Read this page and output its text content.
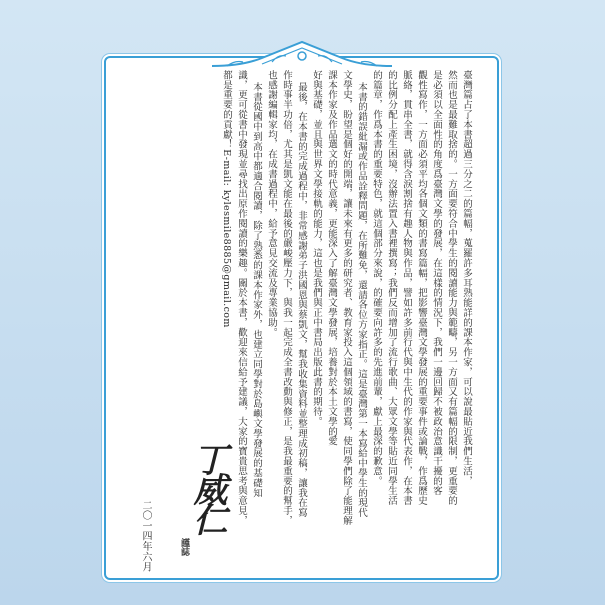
臺灣篇占了本書超過三分之二的篇幅，蒐羅許多耳熟能詳的課本作家，可以說最貼近我們生活，
然而也是最難取捨的。一方面要符合中學生的閱讀能力與範疇，另一方面又有篇幅的限制，更重要的
是必須以全面性的角度爲臺灣文學的發展，在這樣的情況下，我們一邊回歸不被政治意識干擾的客
觀性寫作，一方面必須平均各個文類的書寫篇幅，把影響臺灣文學發展的重要事件或論戰，作爲歷史
脈絡，貫串全書，就得含淚割捨有趣人物與作品，譬如許多前行代與中生代的作家與代表作，在本書
的比例分配上產生困境，沒辦法置入書裡撰寫；我們反而增加了流行歌曲、大眾文學等貼近同學生活
的篇章，作爲本書的重要特色，就這個部分來說，的確要向許多的先進前輩，獻上最深的歉意。
本書的錯誤紕漏或作品詮釋問題，在所難免，還請各位方家指正。這是臺灣第一本寫給中學生的現代
文學史，盼望是個好的開端，讓未來有更多的研究者、教育家投入這個領域的書寫，使同學們除了能理解
課本作家及作品選文的時代意義，更能深入了解臺灣文學發展，培養對於本土文學的愛
好與基礎，並且與世界文學接軌的能力，這也是我們與正中書局出版此書的期待。
最後，在本書的完成過程中，非常感謝弟子洪國恩與蔡凱文，幫我收集資料並整理成初稿，讓我在寫
作時事半功倍，尤其是凱文能在最後的嚴峻壓力下，與我一起完成全書改動與修正，是我最重要的幫手，
也感謝編輯家均，在成書過程中，給予意見交流及專業協助。
本書從國中到高中都適合閱讀，除了熟悉的課本作家外，也建立同學對於島嶼文學發展的基礎知
識，更可從書中發現並尋找出原作閱讀的樂趣。關於本書，歡迎來信給予建議，大家的寶貴思考與意見，
都是重要的貢獻！E-mail: kylesmile8885@gmail.com
丁威仁
謹誌
二〇一四年六月
